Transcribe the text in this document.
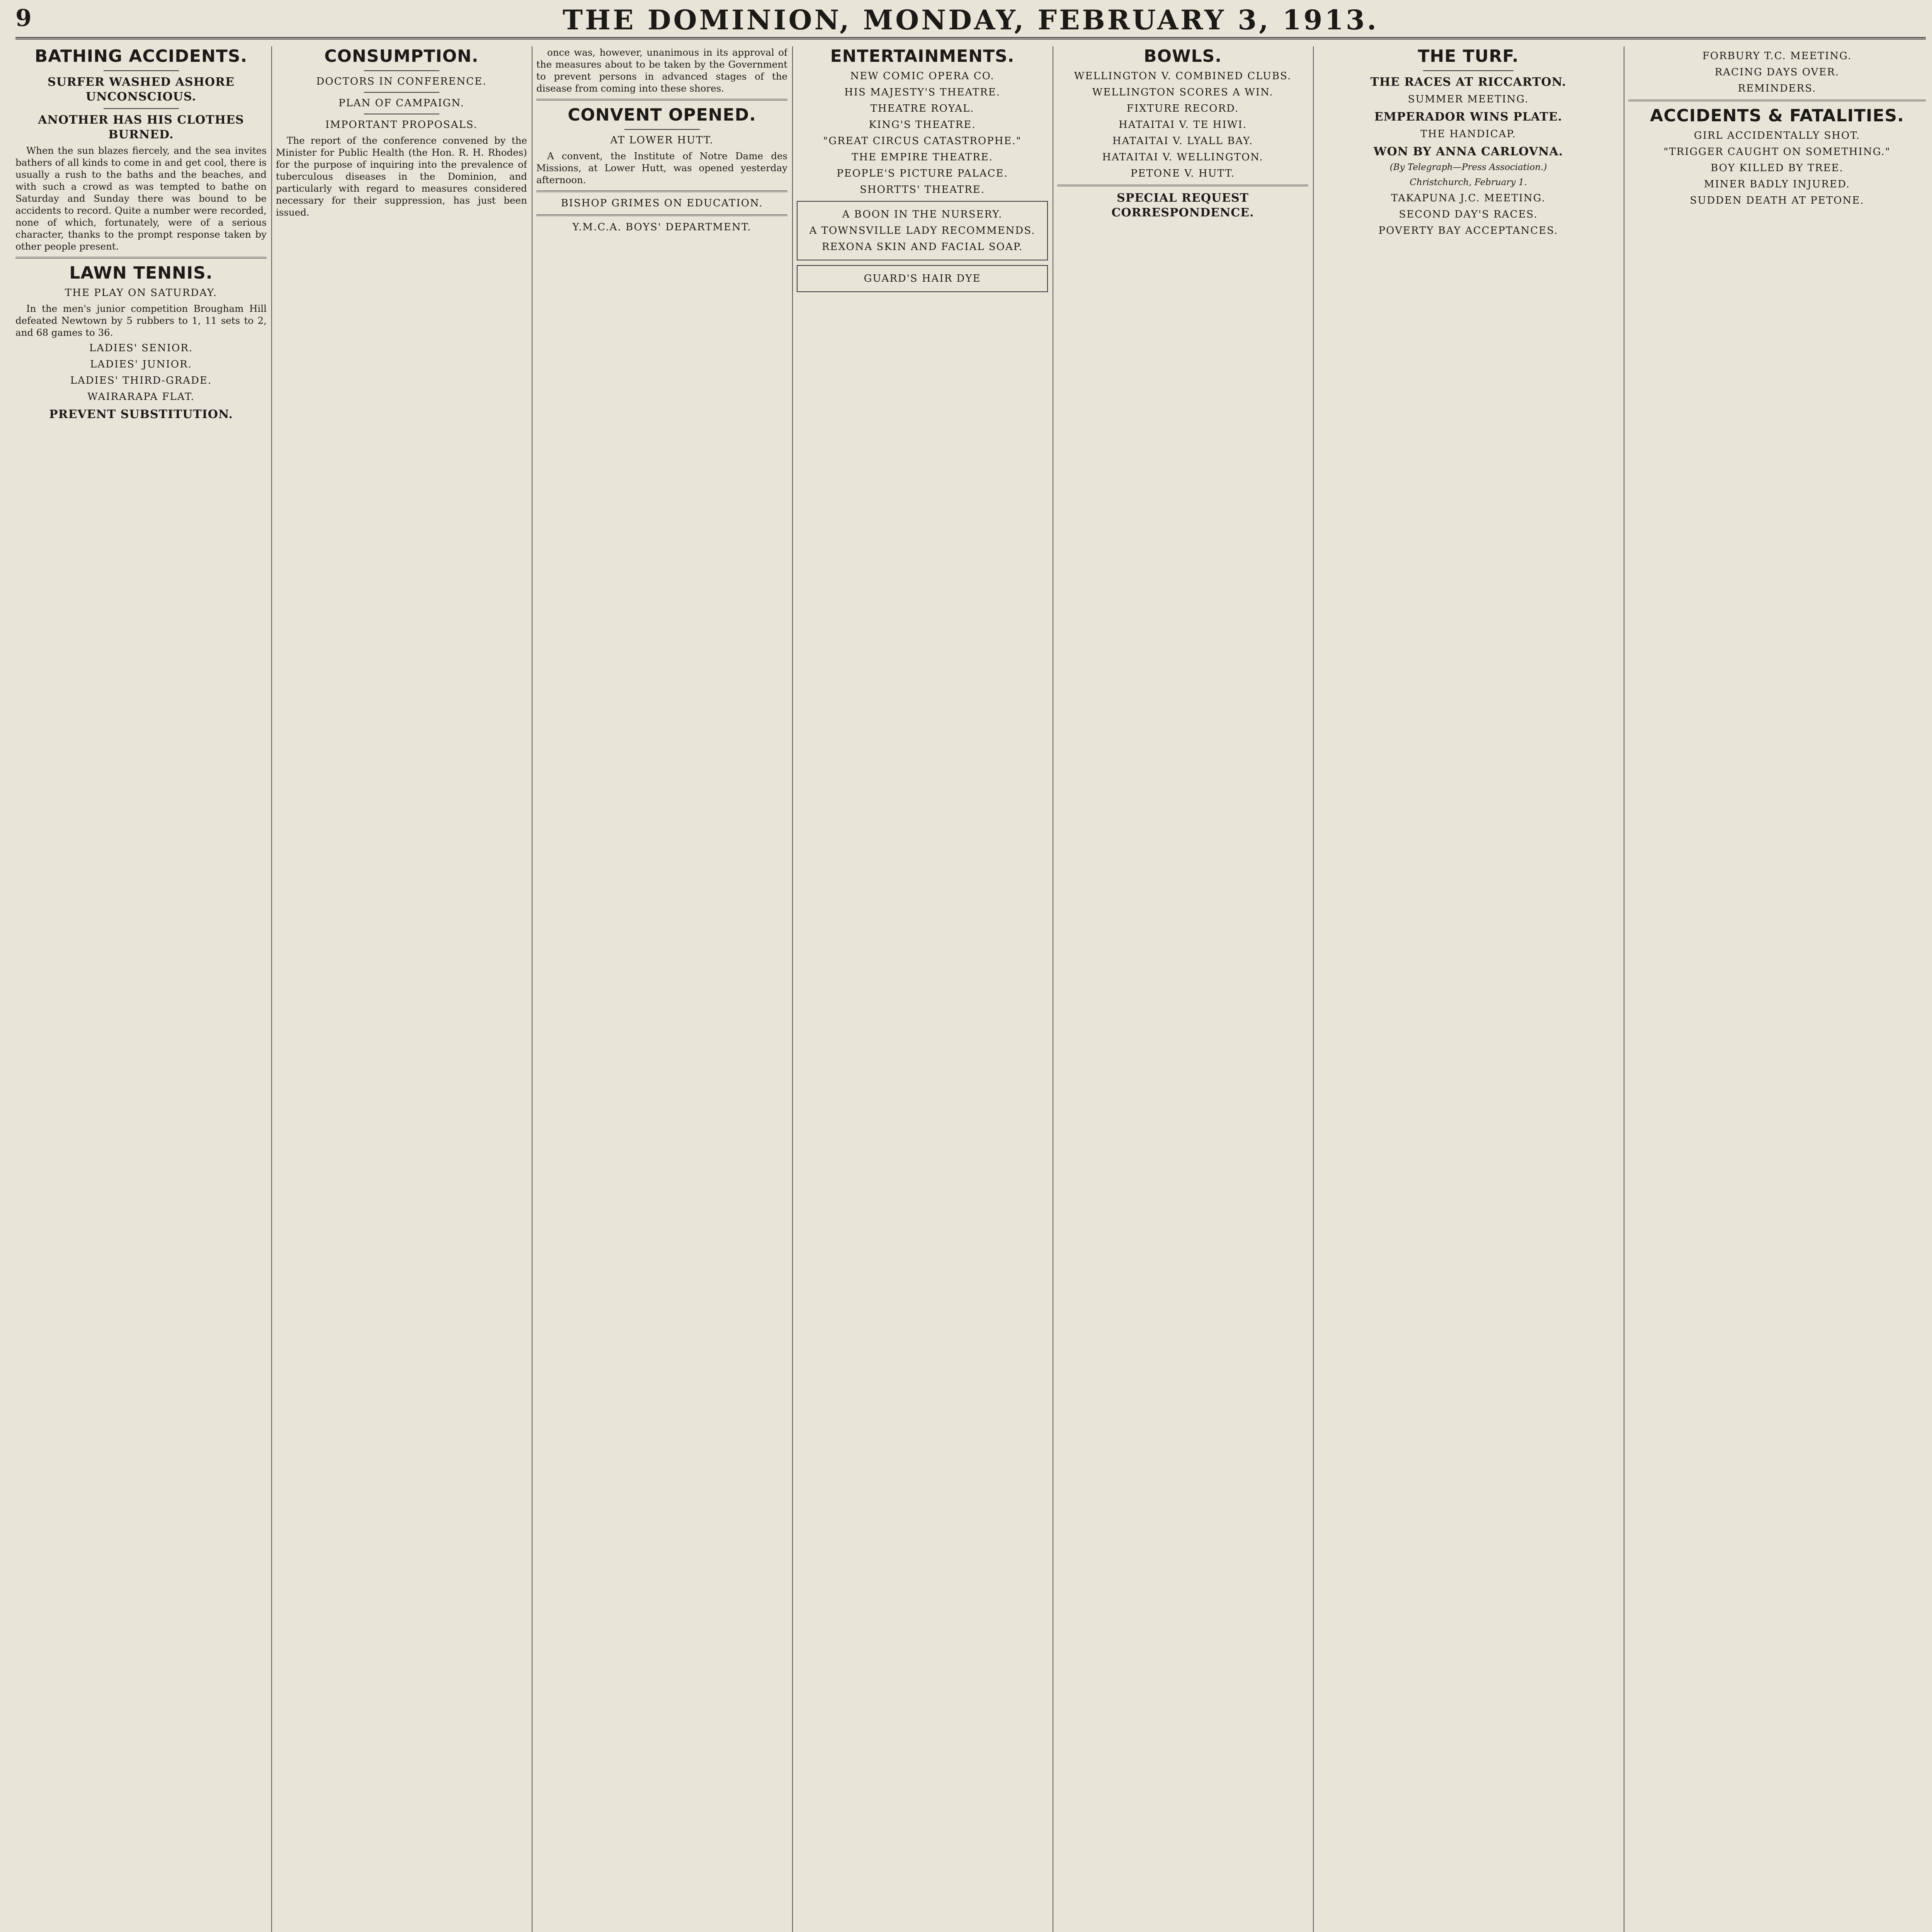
9	THE DOMINION, MONDAY, FEBRUARY 3, 1913.
BATHING ACCIDENTS.
SURFER WASHED ASHORE UNCONSCIOUS.
ANOTHER HAS HIS CLOTHES BURNED.

When the sun blazes fiercely, and the sea invites bathers of all kinds to come in and get cool, there is usually a rush to the baths and the beaches, and with such a crowd as was tempted to bathe on Saturday and Sunday there was bound to be accidents to record. Quite a number were recorded, none of which, fortunately, were of a serious character, thanks to the prompt response taken by other people present.

LAWN TENNIS.
THE PLAY ON SATURDAY.

In the men's junior competition Brougham Hill defeated Newtown by 5 rubbers to 1, 11 sets to 2, and 68 games to 36.

LADIES' SENIOR.
LADIES' JUNIOR.
LADIES' THIRD-GRADE.
WAIRARAPA FLAT.
PREVENT SUBSTITUTION.
CONSUMPTION.
DOCTORS IN CONFERENCE.
PLAN OF CAMPAIGN.
IMPORTANT PROPOSALS.

The report of the conference convened by the Minister for Public Health (the Hon. R. H. Rhodes) for the purpose of inquiring into the prevalence of tuberculous diseases in the Dominion, and particularly with regard to measures considered necessary for their suppression, has just been issued.

once was, however, unanimous in its approval of the measures about to be taken by the Government to prevent persons in advanced stages of the disease from coming into these shores.

CONVENT OPENED.
AT LOWER HUTT.

A convent, the Institute of Notre Dame des Missions, at Lower Hutt, was opened yesterday afternoon.

BISHOP GRIMES ON EDUCATION.
Y.M.C.A. BOYS' DEPARTMENT.
ENTERTAINMENTS.
NEW COMIC OPERA CO.
HIS MAJESTY'S THEATRE.
THEATRE ROYAL.
KING'S THEATRE.
"GREAT CIRCUS CATASTROPHE."
THE EMPIRE THEATRE.
PEOPLE'S PICTURE PALACE.
SHORTTS' THEATRE.
A BOON IN THE NURSERY.
A TOWNSVILLE LADY RECOMMENDS.
REXONA SKIN AND FACIAL SOAP.
GUARD'S HAIR DYE
BOWLS.
WELLINGTON V. COMBINED CLUBS.
WELLINGTON SCORES A WIN.
FIXTURE RECORD.
HATAITAI V. TE HIWI.
HATAITAI V. LYALL BAY.
HATAITAI V. WELLINGTON.
PETONE V. HUTT.
SPECIAL REQUEST CORRESPONDENCE.
THE TURF.
THE RACES AT RICCARTON.
SUMMER MEETING.
EMPERADOR WINS PLATE.
THE HANDICAP.
WON BY ANNA CARLOVNA.
(By Telegraph—Press Association.)
Christchurch, February 1.
TAKAPUNA J.C. MEETING.
SECOND DAY'S RACES.
POVERTY BAY ACCEPTANCES.
FORBURY T.C. MEETING.
RACING DAYS OVER.
REMINDERS.
ACCIDENTS & FATALITIES.
GIRL ACCIDENTALLY SHOT.
"TRIGGER CAUGHT ON SOMETHING."
BOY KILLED BY TREE.
MINER BADLY INJURED.
SUDDEN DEATH AT PETONE.
